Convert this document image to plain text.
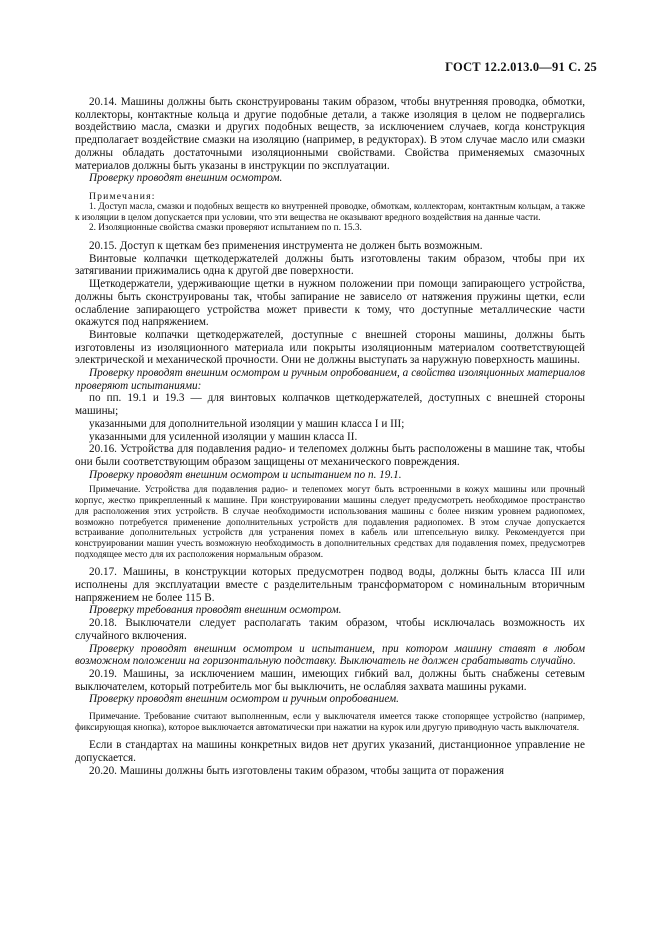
ГОСТ 12.2.013.0—91 С. 25

20.14. Машины должны быть сконструированы таким образом, чтобы внутренняя проводка, обмотки, коллекторы, контактные кольца и другие подобные детали, а также изоляция в целом не подвергались воздействию масла, смазки и других подобных веществ, за исключением случаев, когда конструкция предполагает воздействие смазки на изоляцию (например, в редукторах). В этом случае масло или смазки должны обладать достаточными изоляционными свойствами. Свойства применяемых смазочных материалов должны быть указаны в инструкции по эксплуатации.

Проверку проводят внешним осмотром.

Примечания:

1. Доступ масла, смазки и подобных веществ ко внутренней проводке, обмоткам, коллекторам, контактным кольцам, а также к изоляции в целом допускается при условии, что эти вещества не оказывают вредного воздействия на данные части.

2. Изоляционные свойства смазки проверяют испытанием по п. 15.3.

20.15. Доступ к щеткам без применения инструмента не должен быть возможным.

Винтовые колпачки щеткодержателей должны быть изготовлены таким образом, чтобы при их затягивании прижимались одна к другой две поверхности.

Щеткодержатели, удерживающие щетки в нужном положении при помощи запирающего устройства, должны быть сконструированы так, чтобы запирание не зависело от натяжения пружины щетки, если ослабление запирающего устройства может привести к тому, что доступные металлические части окажутся под напряжением.

Винтовые колпачки щеткодержателей, доступные с внешней стороны машины, должны быть изготовлены из изоляционного материала или покрыты изоляционным материалом соответствующей электрической и механической прочности. Они не должны выступать за наружную поверхность машины.

Проверку проводят внешним осмотром и ручным опробованием, а свойства изоляционных материалов проверяют испытаниями:

по пп. 19.1 и 19.3 — для винтовых колпачков щеткодержателей, доступных с внешней стороны машины;

указанными для дополнительной изоляции у машин класса I и III;

указанными для усиленной изоляции у машин класса II.

20.16. Устройства для подавления радио- и телепомех должны быть расположены в машине так, чтобы они были соответствующим образом защищены от механического повреждения.

Проверку проводят внешним осмотром и испытанием по п. 19.1.

Примечание. Устройства для подавления радио- и телепомех могут быть встроенными в кожух машины или прочный корпус, жестко прикрепленный к машине. При конструировании машины следует предусмотреть необходимое пространство для расположения этих устройств. В случае необходимости использования машины с более низким уровнем радиопомех, возможно потребуется применение дополнительных устройств для подавления радиопомех. В этом случае допускается встраивание дополнительных устройств для устранения помех в кабель или штепсельную вилку. Рекомендуется при конструировании машин учесть возможную необходимость в дополнительных средствах для подавления помех, предусмотрев подходящее место для их расположения нормальным образом.

20.17. Машины, в конструкции которых предусмотрен подвод воды, должны быть класса III или исполнены для эксплуатации вместе с разделительным трансформатором с номинальным вторичным напряжением не более 115 В.

Проверку требования проводят внешним осмотром.

20.18. Выключатели следует располагать таким образом, чтобы исключалась возможность их случайного включения.

Проверку проводят внешним осмотром и испытанием, при котором машину ставят в любом возможном положении на горизонтальную подставку. Выключатель не должен срабатывать случайно.

20.19. Машины, за исключением машин, имеющих гибкий вал, должны быть снабжены сетевым выключателем, который потребитель мог бы выключить, не ослабляя захвата машины руками.

Проверку проводят внешним осмотром и ручным опробованием.

Примечание. Требование считают выполненным, если у выключателя имеется также стопорящее устройство (например, фиксирующая кнопка), которое выключается автоматически при нажатии на курок или другую приводную часть выключателя.

Если в стандартах на машины конкретных видов нет других указаний, дистанционное управление не допускается.

20.20. Машины должны быть изготовлены таким образом, чтобы защита от поражения
